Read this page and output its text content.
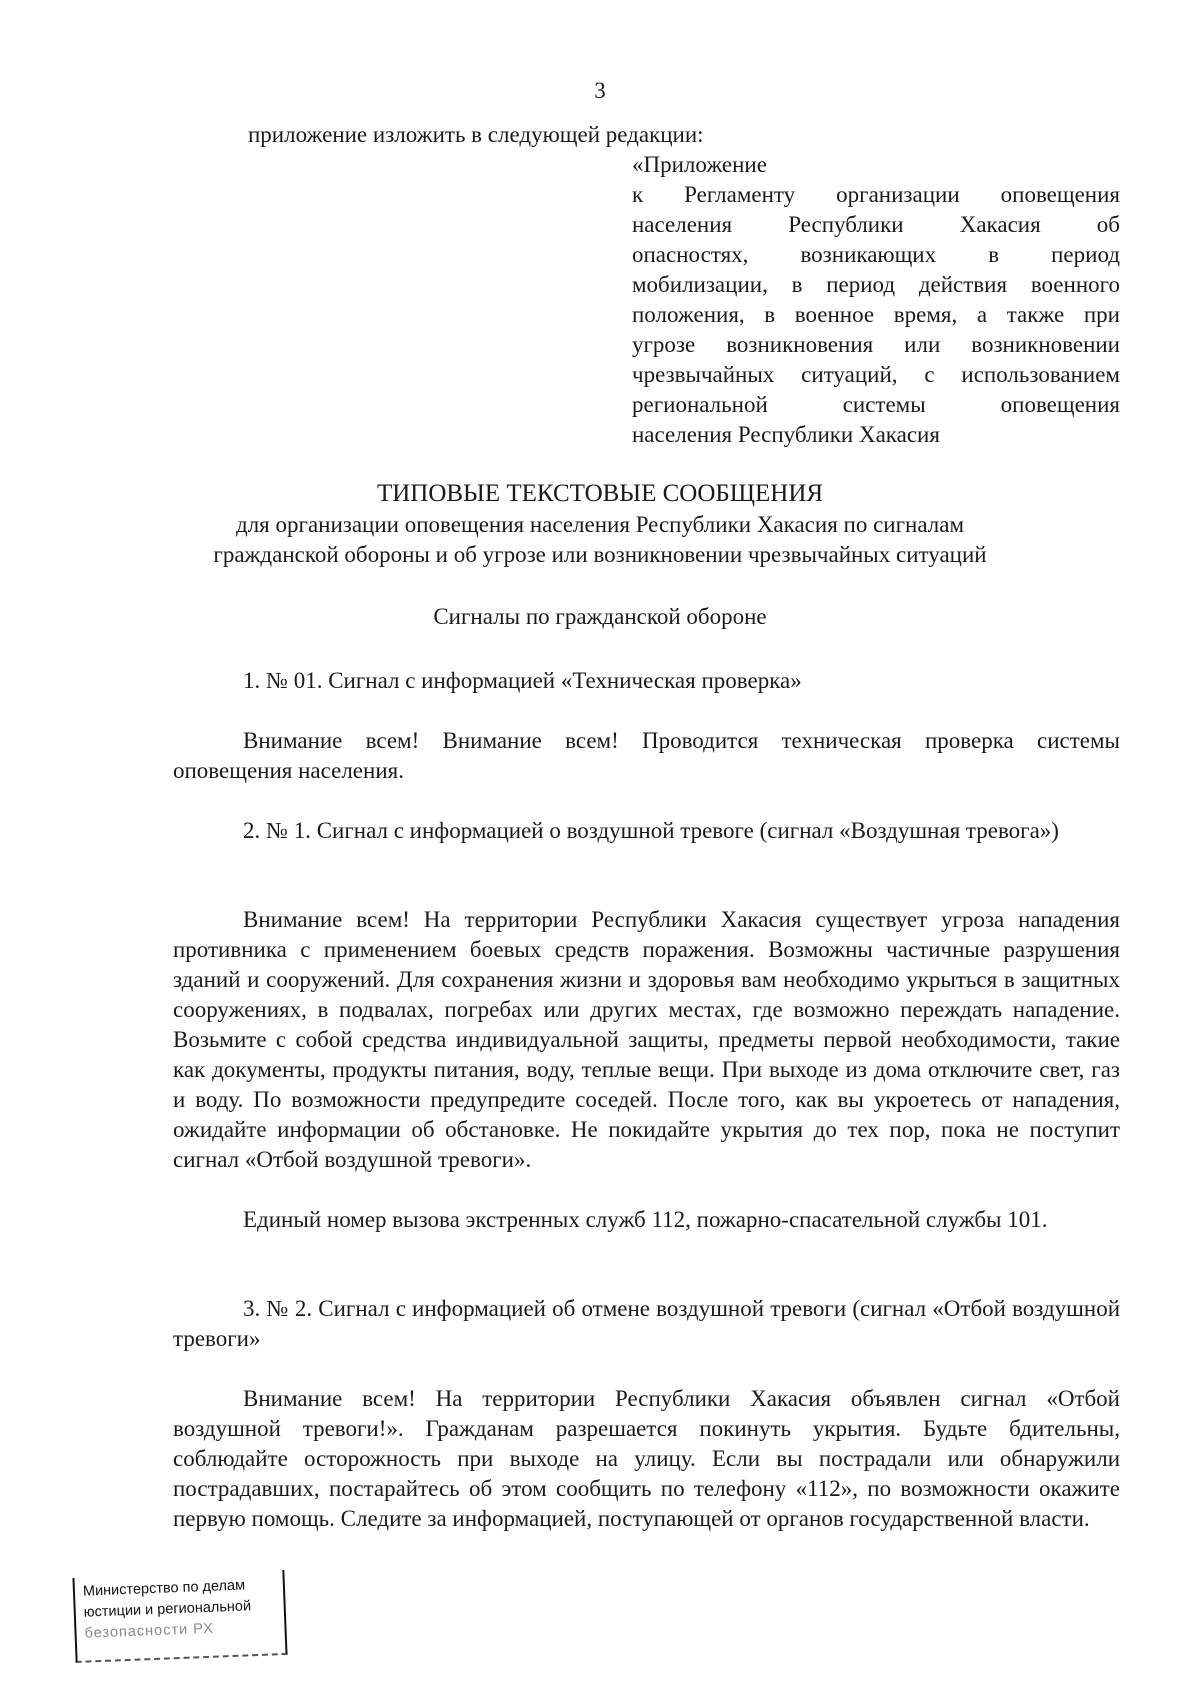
3

приложение изложить в следующей редакции:

«Приложение

к Регламенту организации оповещения

населения Республики Хакасия об

опасностях, возникающих в период

мобилизации, в период действия военного

положения, в военное время, а также при

угрозе возникновения или возникновении

чрезвычайных ситуаций, с использованием

региональной системы оповещения

населения Республики Хакасия

ТИПОВЫЕ ТЕКСТОВЫЕ СООБЩЕНИЯ

для организации оповещения населения Республики Хакасия по сигналам

гражданской обороны и об угрозе или возникновении чрезвычайных ситуаций

Сигналы по гражданской обороне

1. № 01. Сигнал с информацией «Техническая проверка»

Внимание всем! Внимание всем! Проводится техническая проверка системы оповещения населения.

2. № 1. Сигнал с информацией о воздушной тревоге (сигнал «Воздушная тревога»)

Внимание всем! На территории Республики Хакасия существует угроза нападения противника с применением боевых средств поражения. Возможны частичные разрушения зданий и сооружений. Для сохранения жизни и здоровья вам необходимо укрыться в защитных сооружениях, в подвалах, погребах или других местах, где возможно переждать нападение. Возьмите с собой средства индивидуальной защиты, предметы первой необходимости, такие как документы, продукты питания, воду, теплые вещи. При выходе из дома отключите свет, газ и воду. По возможности предупредите соседей. После того, как вы укроетесь от нападения, ожидайте информации об обстановке. Не покидайте укрытия до тех пор, пока не поступит сигнал «Отбой воздушной тревоги».

Единый номер вызова экстренных служб 112, пожарно-спасательной службы 101.

3. № 2. Сигнал с информацией об отмене воздушной тревоги (сигнал «Отбой воздушной тревоги»

Внимание всем! На территории Республики Хакасия объявлен сигнал «Отбой воздушной тревоги!». Гражданам разрешается покинуть укрытия. Будьте бдительны, соблюдайте осторожность при выходе на улицу. Если вы пострадали или обнаружили пострадавших, постарайтесь об этом сообщить по телефону «112», по возможности окажите первую помощь. Следите за информацией, поступающей от органов государственной власти.

Министерство по делам
юстиции и региональной
безопасности РХ
